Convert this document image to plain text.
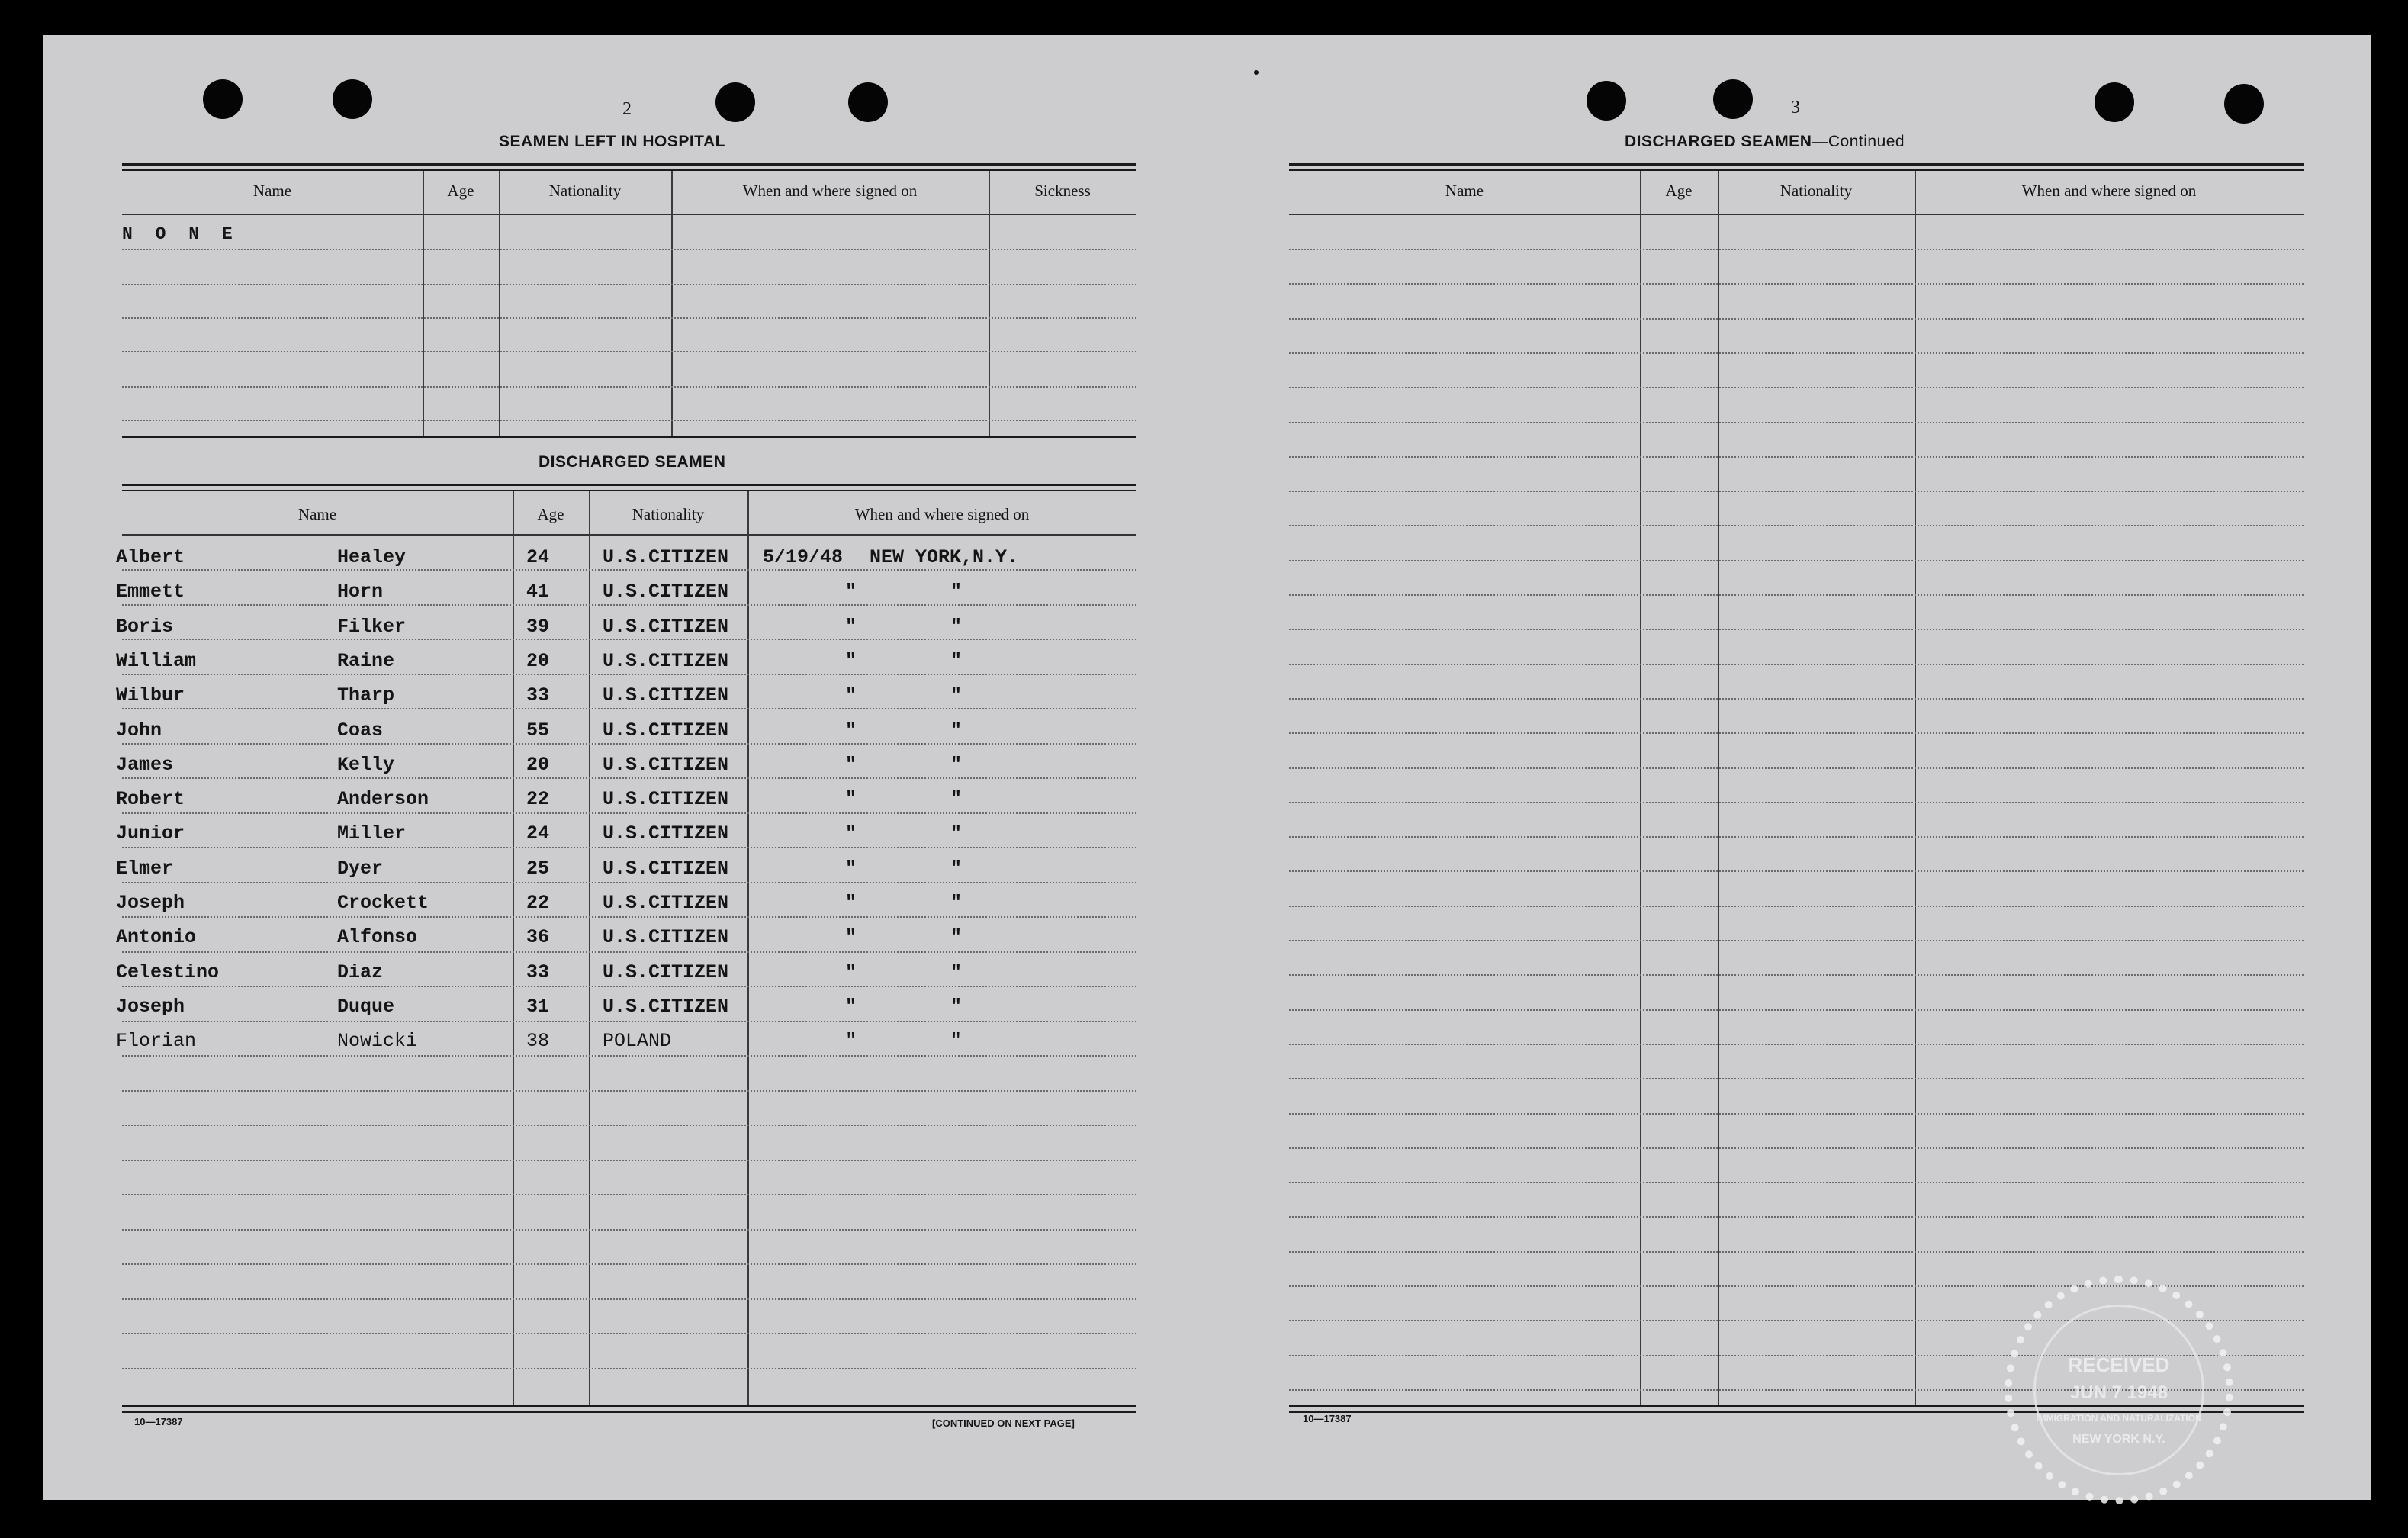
2
SEAMEN LEFT IN HOSPITAL
Name	Age	Nationality	When and where signed on	Sickness
N O N E
DISCHARGED SEAMEN
Name	Age	Nationality	When and where signed on
Albert	Healey	24	U.S.CITIZEN 5/19/48 NEW YORK,N.Y.
Emmett	Horn	41	U.S.CITIZEN	"	"
Boris	Filker	39	U.S.CITIZEN	"	"
William	Raine	20	U.S.CITIZEN	"	"
Wilbur	Tharp	33	U.S.CITIZEN	"	"
John	Coas	55	U.S.CITIZEN	"	"
James	Kelly	20	U.S.CITIZEN	"	"
Robert	Anderson	22	U.S.CITIZEN	"	"
Junior	Miller	24	U.S.CITIZEN	"	"
Elmer	Dyer	25	U.S.CITIZEN	"	"
Joseph	Crockett	22	U.S.CITIZEN	"	"
Antonio	Alfonso	36	U.S.CITIZEN	"	"
Celestino	Diaz	33	U.S.CITIZEN	"	"
Joseph	Duque	31	U.S.CITIZEN	"	"
Florian	Nowicki	38	POLAND	"	"
10—17387	[CONTINUED ON NEXT PAGE]
3
DISCHARGED SEAMEN—Continued
Name	Age	Nationality	When and where signed on
10—17387
RECEIVED
JUN 7 1948
IMMIGRATION AND NATURALIZATION
NEW YORK N.Y.
